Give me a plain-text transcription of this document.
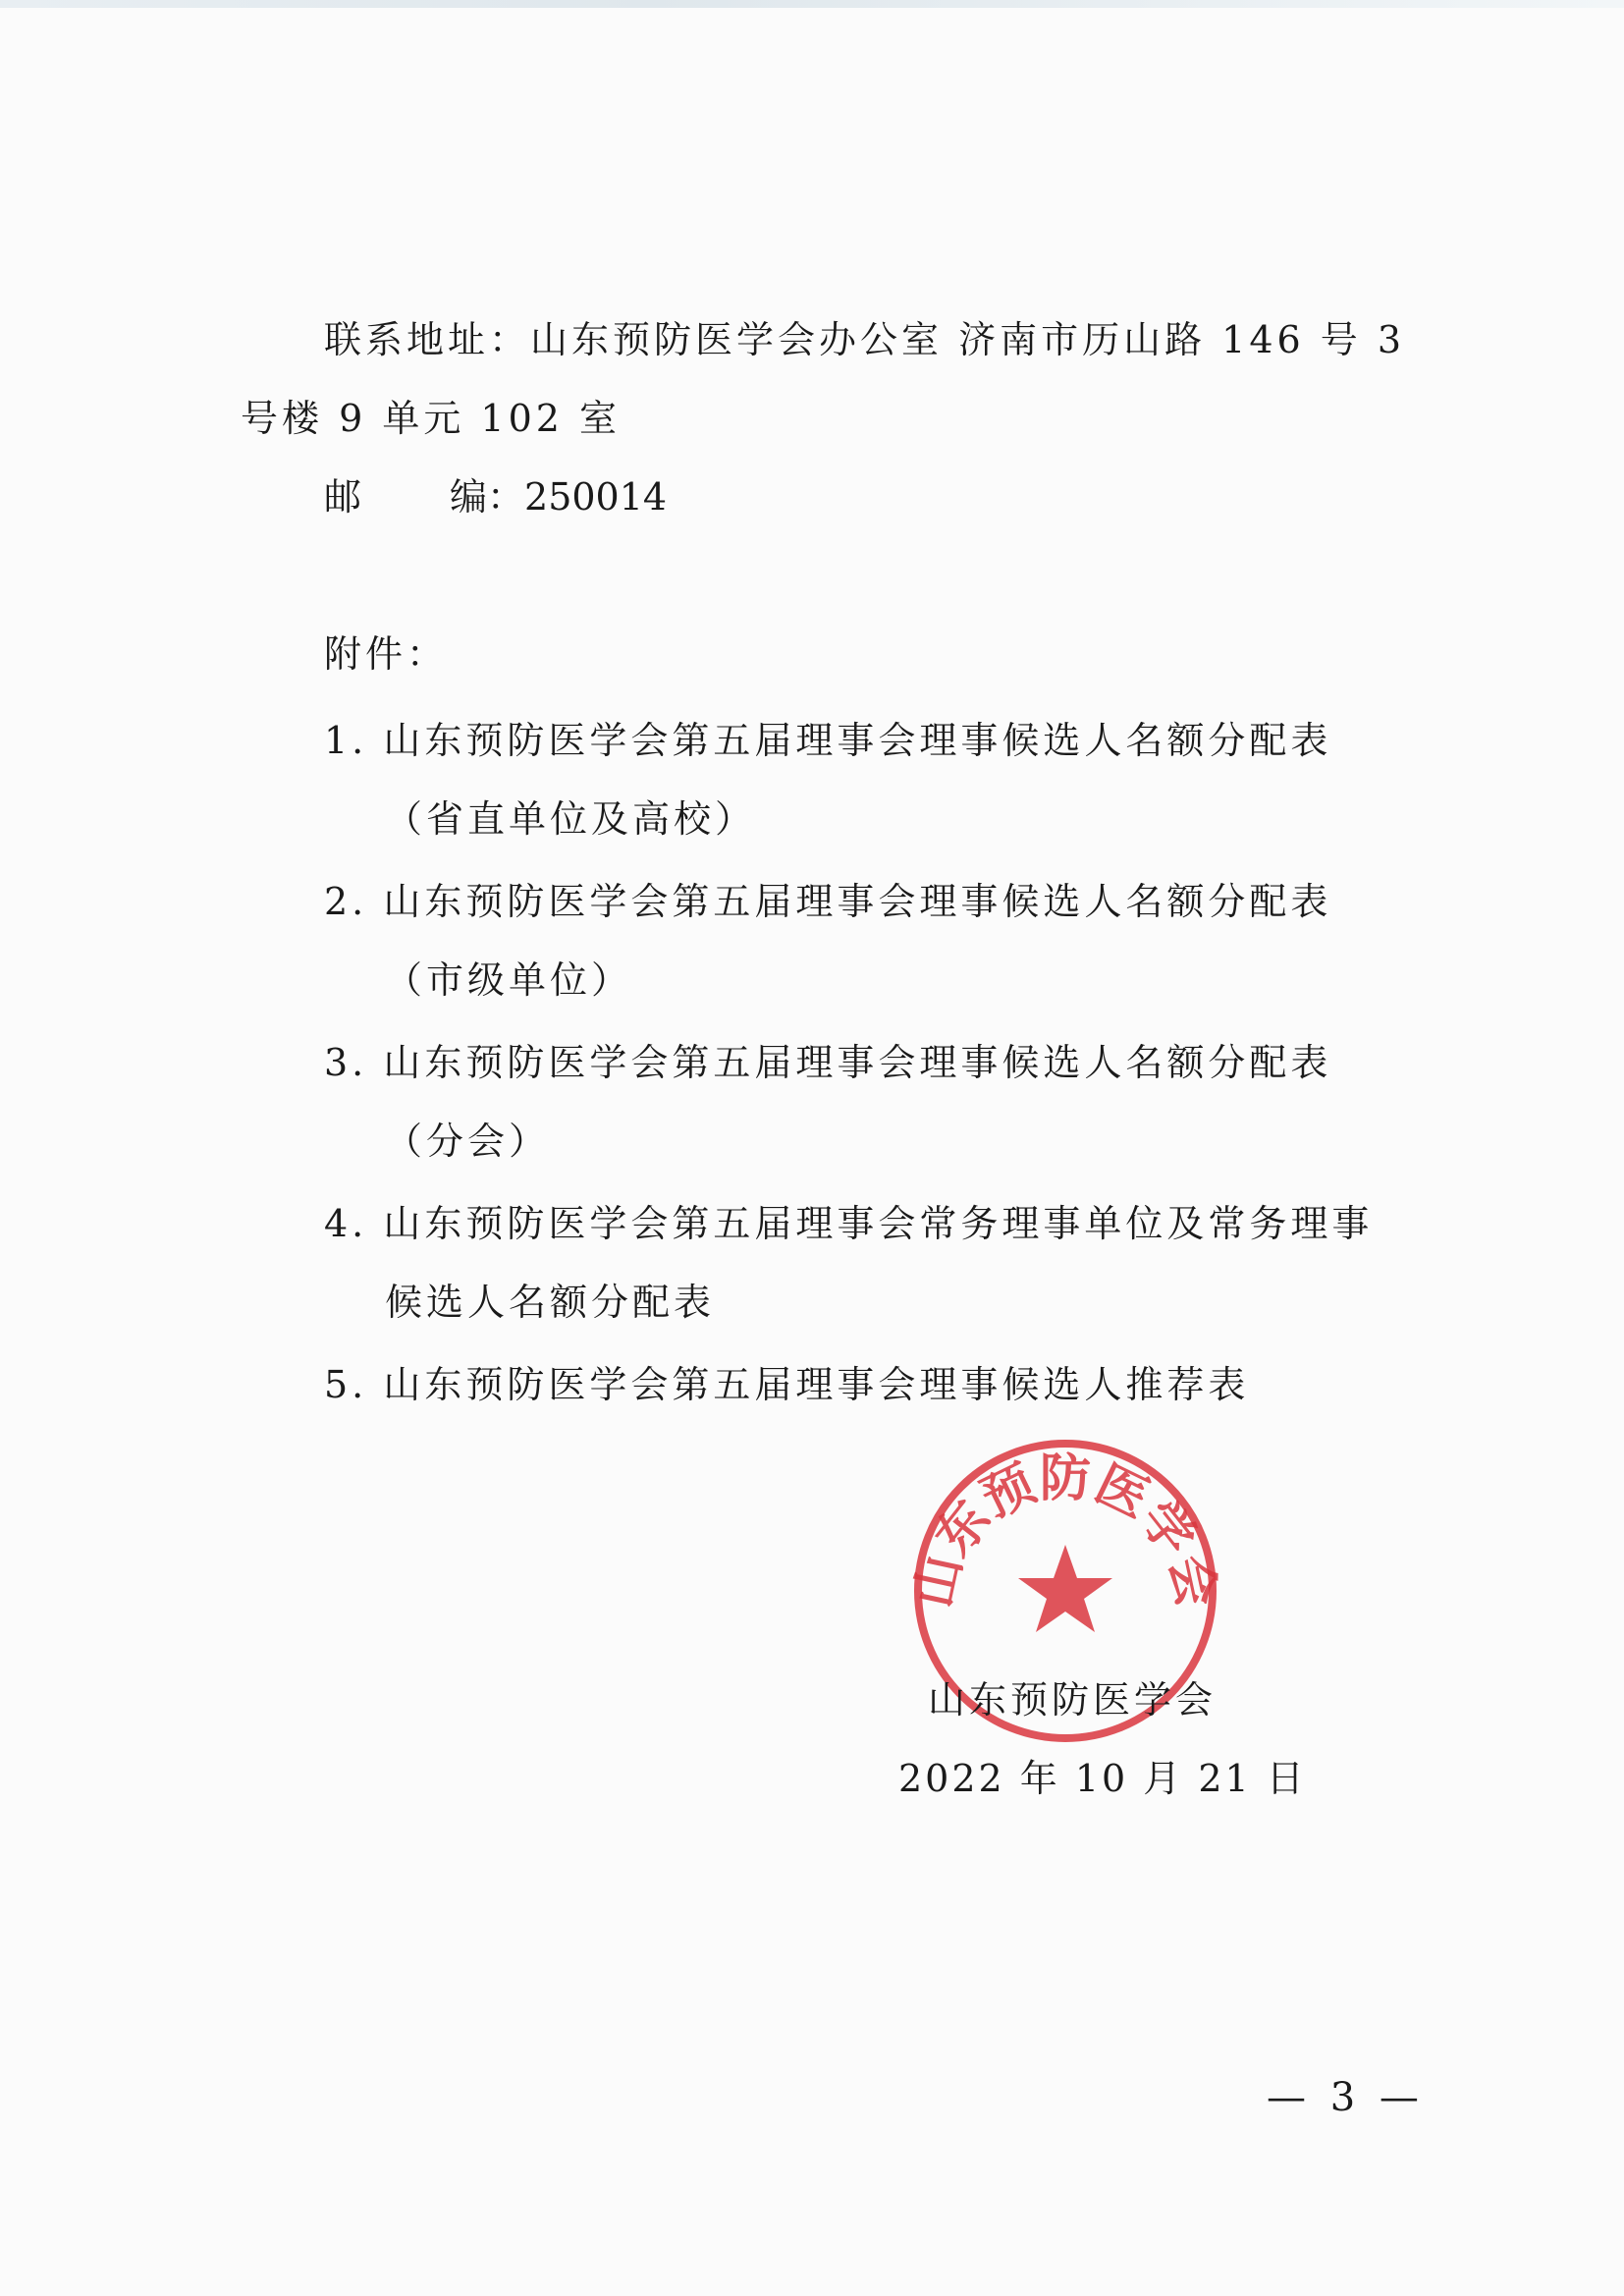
联系地址：山东预防医学会办公室 济南市历山路 146 号 3
号楼 9 单元 102 室
邮 编：250014
附件：
1. 山东预防医学会第五届理事会理事候选人名额分配表
（省直单位及高校）
2. 山东预防医学会第五届理事会理事候选人名额分配表
（市级单位）
3. 山东预防医学会第五届理事会理事候选人名额分配表
（分会）
4. 山东预防医学会第五届理事会常务理事单位及常务理事
候选人名额分配表
5. 山东预防医学会第五届理事会理事候选人推荐表
山东预防医学会
山东预防医学会
2022 年 10 月 21 日
— 3 —
